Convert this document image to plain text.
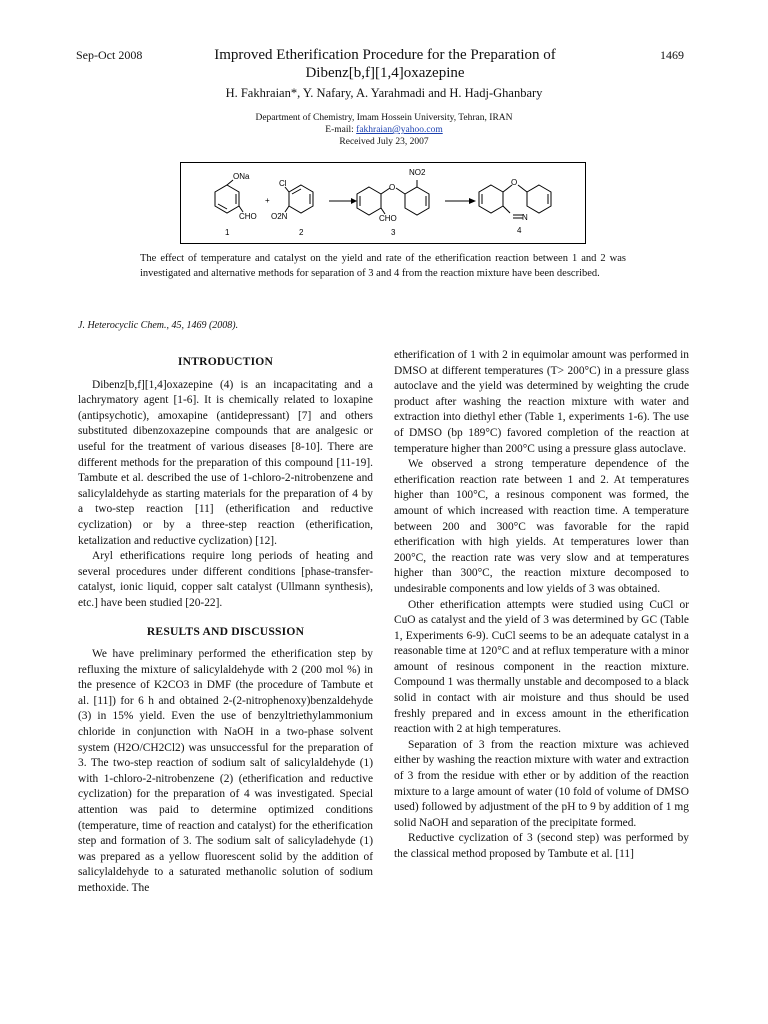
Sep-Oct 2008	Improved Etherification Procedure for the Preparation of
Dibenz[b,f][1,4]oxazepine
1469
H. Fakhraian*, Y. Nafary, A. Yarahmadi and H. Hadj-Ghanbary
Department of Chemistry, Imam Hossein University, Tehran, IRAN
E-mail: fakhraian@yahoo.com
Received July 23, 2007
ONa
CHO
+
Cl
O2N
O
NO2
CHO
O
N
1	2	3	4
The effect of temperature and catalyst on the yield and rate of the etherification reaction between 1 and 2 was investigated and alternative methods for separation of 3 and 4 from the reaction mixture have been described.
J. Heterocyclic Chem., 45, 1469 (2008).
INTRODUCTION

Dibenz[b,f][1,4]oxazepine (4) is an incapacitating and a lachrymatory agent [1-6]. It is chemically related to loxapine (antipsychotic), amoxapine (antidepressant) [7] and others substituted dibenzoxazepine compounds that are analgesic or useful for the treatment of various diseases [8-10]. There are different methods for the preparation of this compound [11-19]. Tambute et al. described the use of 1-chloro-2-nitrobenzene and salicylaldehyde as starting materials for the preparation of 4 by a two-step reaction [11] (etherification and reductive cyclization) or by a three-step reaction (etherification, ketalization and reductive cyclization) [12].

Aryl etherifications require long periods of heating and several procedures under different conditions [phase-transfer-catalyst, ionic liquid, copper salt catalyst (Ullmann synthesis), etc.] have been studied [20-22].

RESULTS AND DISCUSSION

We have preliminary performed the etherification step by refluxing the mixture of salicylaldehyde with 2 (200 mol %) in the presence of K2CO3 in DMF (the procedure of Tambute et al. [11]) for 6 h and obtained 2-(2-nitrophenoxy)benzaldehyde (3) in 15% yield. Even the use of benzyltriethylammonium chloride in conjunction with NaOH in a two-phase solvent system (H2O/CH2Cl2) was unsuccessful for the preparation of 3. The two-step reaction of sodium salt of salicylaldehyde (1) with 1-chloro-2-nitrobenzene (2) (etherification and reductive cyclization) for the preparation of 4 was investigated. Special attention was paid to determine optimized conditions (temperature, time of reaction and catalyst) for the etherification step and formation of 3. The sodium salt of salicyladehyde (1) was prepared as a yellow fluorescent solid by the addition of salicylaldehyde to a saturated methanolic solution of sodium methoxide. The

etherification of 1 with 2 in equimolar amount was performed in DMSO at different temperatures (T> 200°C) in a pressure glass autoclave and the yield was determined by weighting the crude product after washing the reaction mixture with water and extraction into diethyl ether (Table 1, experiments 1-6). The use of DMSO (bp 189°C) favored completion of the reaction at temperature higher than 200°C using a pressure glass autoclave.

We observed a strong temperature dependence of the etherification reaction rate between 1 and 2. At temperatures higher than 100°C, a resinous component was formed, the amount of which increased with reaction time. A temperature between 200 and 300°C was favorable for the rapid etherification with high yields. At temperatures lower than 200°C, the reaction rate was very slow and at temperatures higher than 300°C, the reaction mixture decomposed to undesirable components and low yields of 3 was obtained.

Other etherification attempts were studied using CuCl or CuO as catalyst and the yield of 3 was determined by GC (Table 1, Experiments 6-9). CuCl seems to be an adequate catalyst in a reasonable time at 120°C and at reflux temperature with a minor amount of resinous component in the reaction mixture. Compound 1 was thermally unstable and decomposed to a black solid in contact with air moisture and thus should be used freshly prepared and in excess amount in the etherification reaction with 2 at high temperatures.

Separation of 3 from the reaction mixture was achieved either by washing the reaction mixture with water and extraction of 3 from the residue with ether or by addition of the reaction mixture to a large amount of water (10 fold of volume of DMSO used) followed by adjustment of the pH to 9 by addition of 1 mg solid NaOH and separation of the precipitate formed.

Reductive cyclization of 3 (second step) was performed by the classical method proposed by Tambute et al. [11]
